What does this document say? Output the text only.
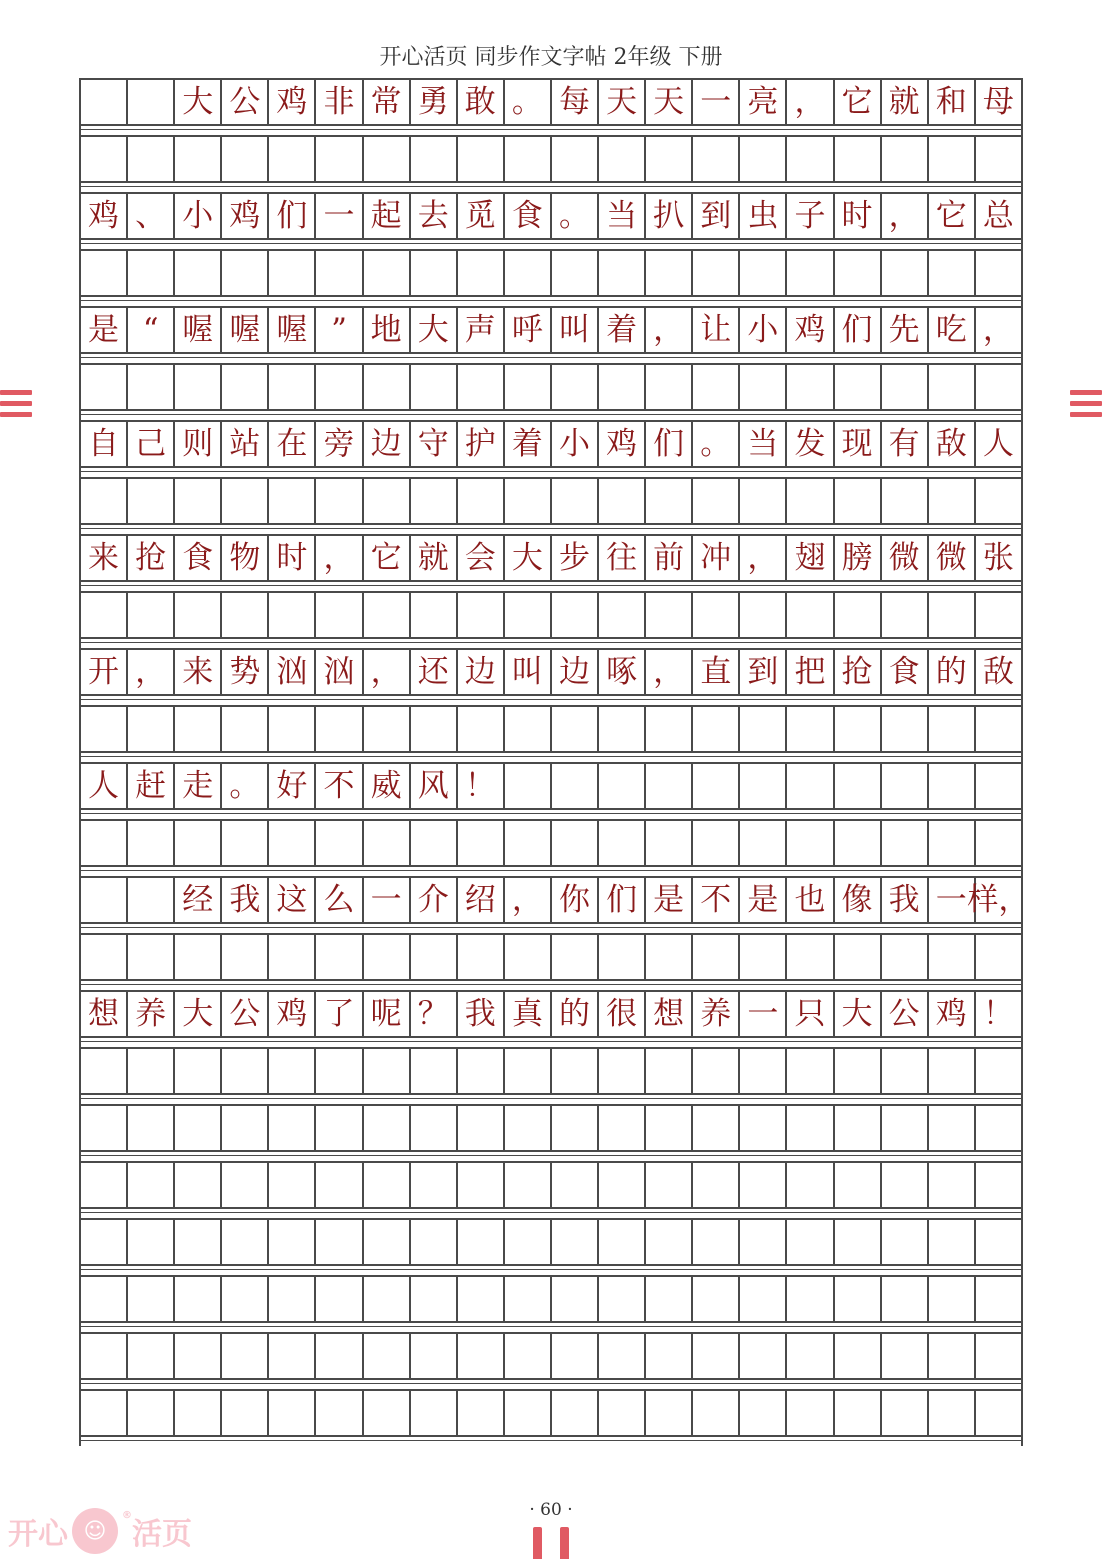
开心活页 同步作文字帖 2年级 下册
大 公 鸡 非 常 勇 敢 。 每 天 天 一 亮 ， 它 就 和 母
鸡 、 小 鸡 们 一 起 去 觅 食 。 当 扒 到 虫 子 时 ， 它 总
是 “ 喔 喔 喔 ” 地 大 声 呼 叫 着 ， 让 小 鸡 们 先 吃 ，
自 己 则 站 在 旁 边 守 护 着 小 鸡 们 。 当 发 现 有 敌 人
来 抢 食 物 时 ， 它 就 会 大 步 往 前 冲 ， 翅 膀 微 微 张
开 ， 来 势 汹 汹 ， 还 边 叫 边 啄 ， 直 到 把 抢 食 的 敌
人 赶 走 。 好 不 威 风 ！
经 我 这 么 一 介 绍 ， 你 们 是 不 是 也 像 我 一 样，
想 养 大 公 鸡 了 呢 ？ 我 真 的 很 想 养 一 只 大 公 鸡 ！
· 60 ·
开心 ☺
®
活页
